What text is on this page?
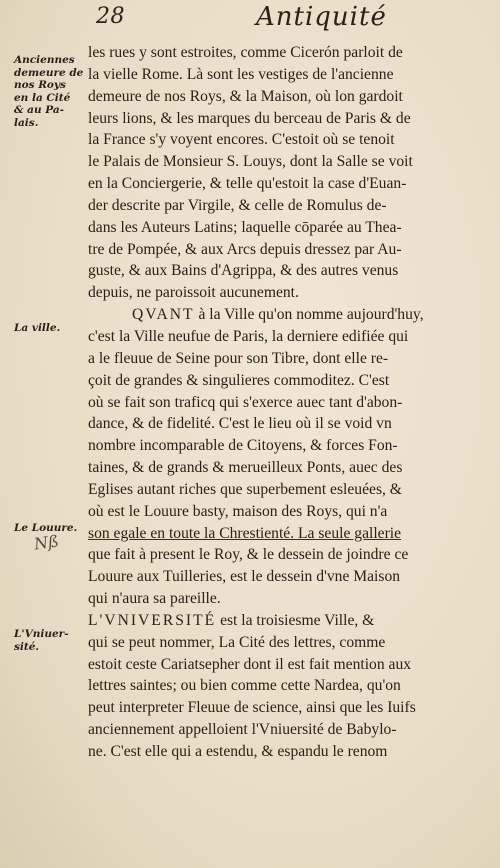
28	Antiquité
Anciennes
demeure de
nos Roys
en la Cité
& au Pa-
lais.
La ville.
Le Louure.
L'Vniuer-
sité.
Nß
les rues y sont estroites, comme Cicerón parloit de
la vielle Rome. Là sont les vestiges de l'ancienne
demeure de nos Roys, & la Maison, où lon gardoit
leurs lions, & les marques du berceau de Paris & de
la France s'y voyent encores. C'estoit où se tenoit
le Palais de Monsieur S. Louys, dont la Salle se voit
en la Conciergerie, & telle qu'estoit la case d'Euan-
der descrite par Virgile, & celle de Romulus de-
dans les Auteurs Latins; laquelle cōparée au Thea-
tre de Pompée, & aux Arcs depuis dressez par Au-
guste, & aux Bains d'Agrippa, & des autres venus
depuis, ne paroissoit aucunement.
QVANT à la Ville qu'on nomme aujourd'huy,
c'est la Ville neufue de Paris, la derniere edifiée qui
a le fleuue de Seine pour son Tibre, dont elle re-
çoit de grandes & singulieres commoditez. C'est
où se fait son traficq qui s'exerce auec tant d'abon-
dance, & de fidelité. C'est le lieu où il se void vn
nombre incomparable de Citoyens, & forces Fon-
taines, & de grands & merueilleux Ponts, auec des
Eglises autant riches que superbement esleuées, &
où est le Louure basty, maison des Roys, qui n'a
son egale en toute la Chrestienté. La seule gallerie
que fait à present le Roy, & le dessein de joindre ce
Louure aux Tuilleries, est le dessein d'vne Maison
qui n'aura sa pareille.
L'VNIVERSITÉ est la troisiesme Ville, &
qui se peut nommer, La Cité des lettres, comme
estoit ceste Cariatsepher dont il est fait mention aux
lettres saintes; ou bien comme cette Nardea, qu'on
peut interpreter Fleuue de science, ainsi que les Iuifs
anciennement appelloient l'Vniuersité de Babylo-
ne. C'est elle qui a estendu, & espandu le renom
